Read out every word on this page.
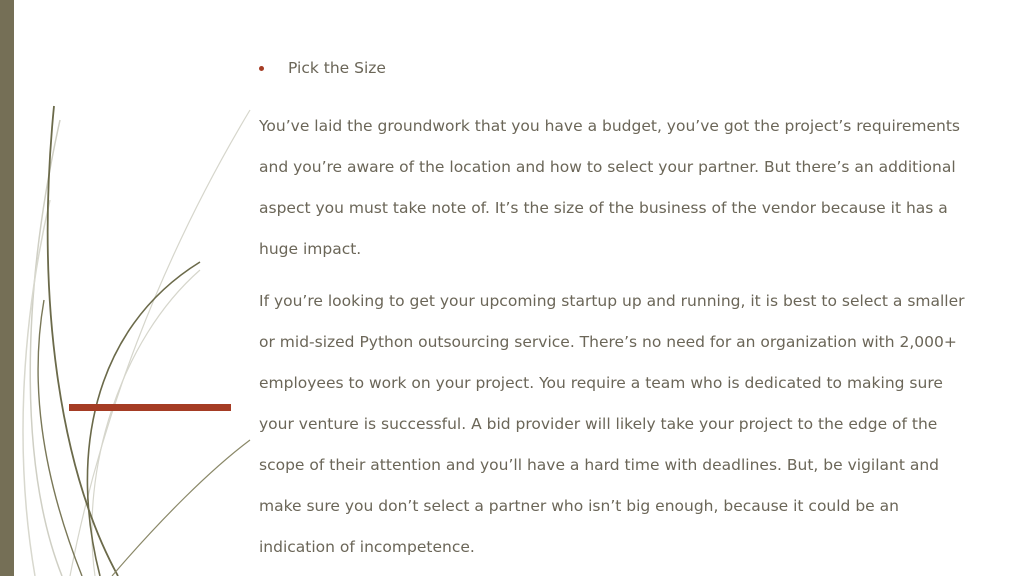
Pick the Size

You’ve laid the groundwork that you have a budget, you’ve got the project’s requirements and you’re aware of the location and how to select your partner. But there’s an additional aspect you must take note of. It’s the size of the business of the vendor because it has a huge impact.

If you’re looking to get your upcoming startup up and running, it is best to select a smaller or mid-sized Python outsourcing service. There’s no need for an organization with 2,000+ employees to work on your project. You require a team who is dedicated to making sure your venture is successful. A bid provider will likely take your project to the edge of the scope of their attention and you’ll have a hard time with deadlines. But, be vigilant and make sure you don’t select a partner who isn’t big enough, because it could be an indication of incompetence.
